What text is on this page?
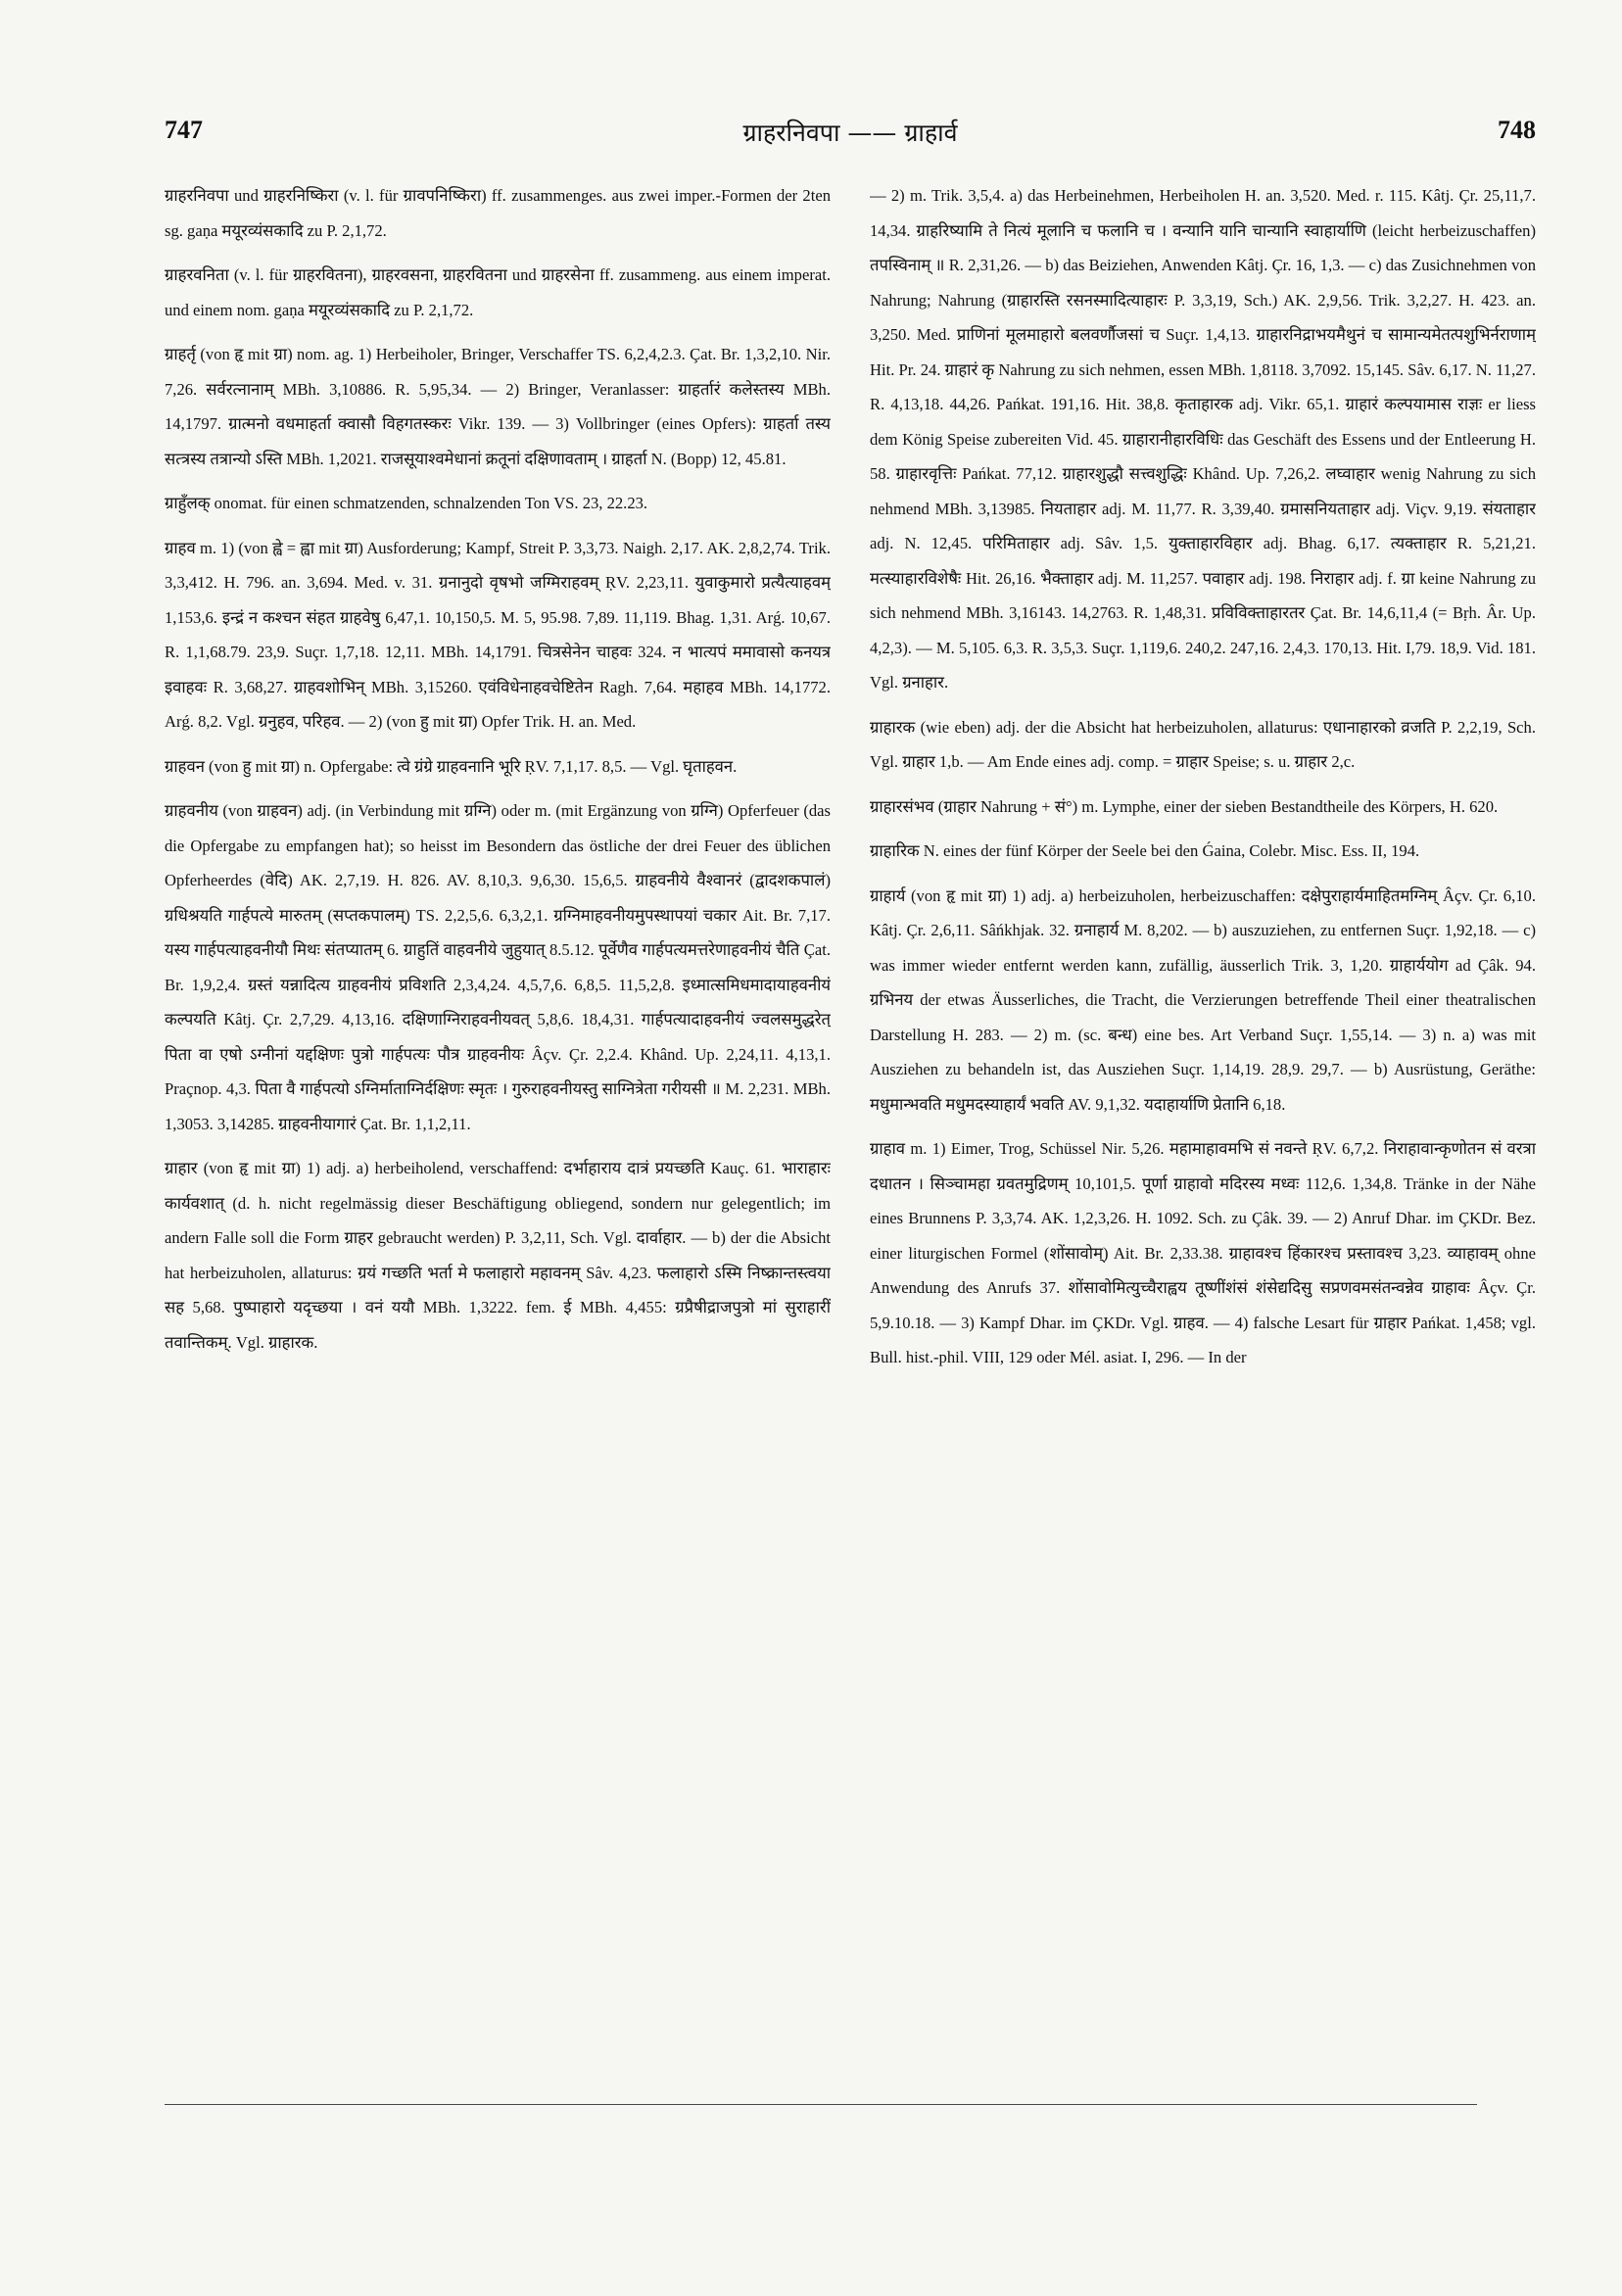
747	ग्राहरनिवपा —— ग्राहार्व	748

ग्राहरनिवपा und ग्राहरनिष्किरा (v. l. für ग्रावपनिष्किरा) ff. zusammenges. aus zwei imper.-Formen der 2ten sg. gaṇa मयूरव्यंसकादि zu P. 2,1,72.

ग्राहरवनिता (v. l. für ग्राहरवितना), ग्राहरवसना, ग्राहरवितना und ग्राहरसेना ff. zusammeng. aus einem imperat. und einem nom. gaṇa मयूरव्यंसकादि zu P. 2,1,72.

ग्राहर्तृ (von हृ mit ग्रा) nom. ag. 1) Herbeiholer, Bringer, Verschaffer TS. 6,2,4,2.3. Çat. Br. 1,3,2,10. Nir. 7,26. सर्वरत्नानाम् MBh. 3,10886. R. 5,95,34. — 2) Bringer, Veranlasser: ग्राहर्तारं कलेस्तस्य MBh. 14,1797. ग्रात्मनो वधमाहर्ता क्वासौ विहगतस्करः Vikr. 139. — 3) Vollbringer (eines Opfers): ग्राहर्ता तस्य सत्त्रस्य तत्रान्यो ऽस्ति MBh. 1,2021. राजसूयाश्वमेधानां क्रतूनां दक्षिणावताम् । ग्राहर्ता N. (Bopp) 12, 45.81.

ग्राहुँलक् onomat. für einen schmatzenden, schnalzenden Ton VS. 23, 22.23.

ग्राहव m. 1) (von ह्वे = ह्वा mit ग्रा) Ausforderung; Kampf, Streit P. 3,3,73. Naigh. 2,17. AK. 2,8,2,74. Trik. 3,3,412. H. 796. an. 3,694. Med. v. 31. ग्रनानुदो वृषभो जग्मिराहवम् ṚV. 2,23,11. युवाकुमारो प्रत्यैत्याहवम् 1,153,6. इन्द्रं न कश्चन संहत ग्राहवेषु 6,47,1. 10,150,5. M. 5, 95.98. 7,89. 11,119. Bhag. 1,31. Arǵ. 10,67. R. 1,1,68.79. 23,9. Suçr. 1,7,18. 12,11. MBh. 14,1791. चित्रसेनेन चाहवः 324. न भात्यपं ममावासो कनयत्र इवाहवः R. 3,68,27. ग्राहवशोभिन् MBh. 3,15260. एवंविधेनाहवचेष्टितेन Ragh. 7,64. महाहव MBh. 14,1772. Arǵ. 8,2. Vgl. ग्रनुहव, परिहव. — 2) (von हु mit ग्रा) Opfer Trik. H. an. Med.

ग्राहवन (von हु mit ग्रा) n. Opfergabe: त्वे ग्रंग्रे ग्राहवनानि भूरि ṚV. 7,1,17. 8,5. — Vgl. घृताहवन.

ग्राहवनीय (von ग्राहवन) adj. (in Verbindung mit ग्रग्नि) oder m. (mit Ergänzung von ग्रग्नि) Opferfeuer (das die Opfergabe zu empfangen hat); so heisst im Besondern das östliche der drei Feuer des üblichen Opferheerdes (वेदि) AK. 2,7,19. H. 826. AV. 8,10,3. 9,6,30. 15,6,5. ग्राहवनीये वैश्वानरं (द्वादशकपालं) ग्रधिश्रयति गार्हपत्ये मारुतम् (सप्तकपालम्) TS. 2,2,5,6. 6,3,2,1. ग्रग्निमाहवनीयमुपस्थापयां चकार Ait. Br. 7,17. यस्य गार्हपत्याहवनीयौ मिथः संतप्यातम् 6. ग्राहुतिं वाहवनीये जुहुयात् 8.5.12. पूर्वेणैव गार्हपत्यमत्तरेणाहवनीयं चैति Çat. Br. 1,9,2,4. ग्रस्तं यन्नादित्य ग्राहवनीयं प्रविशति 2,3,4,24. 4,5,7,6. 6,8,5. 11,5,2,8. इध्मात्समिधमादायाहवनीयं कल्पयति Kâtj. Çr. 2,7,29. 4,13,16. दक्षिणाग्निराहवनीयवत् 5,8,6. 18,4,31. गार्हपत्यादाहवनीयं ज्वलसमुद्धरेत् पिता वा एषो ऽग्नीनां यद्दक्षिणः पुत्रो गार्हपत्यः पौत्र ग्राहवनीयः Âçv. Çr. 2,2.4. Khând. Up. 2,24,11. 4,13,1. Praçnop. 4,3. पिता वै गार्हपत्यो ऽग्निर्माताग्निर्दक्षिणः स्मृतः । गुरुराहवनीयस्तु साग्नित्रेता गरीयसी ॥ M. 2,231. MBh. 1,3053. 3,14285. ग्राहवनीयागारं Çat. Br. 1,1,2,11.

ग्राहार (von हृ mit ग्रा) 1) adj. a) herbeiholend, verschaffend: दर्भाहाराय दात्रं प्रयच्छति Kauç. 61. भाराहारः कार्यवशात् (d. h. nicht regelmässig dieser Beschäftigung obliegend, sondern nur gelegentlich; im andern Falle soll die Form ग्राहर gebraucht werden) P. 3,2,11, Sch. Vgl. दार्वाहार. — b) der die Absicht hat herbeizuholen, allaturus: ग्रयं गच्छति भर्ता मे फलाहारो महावनम् Sâv. 4,23. फलाहारो ऽस्मि निष्क्रान्तस्त्वया सह 5,68. पुष्पाहारो यदृच्छया । वनं ययौ MBh. 1,3222. fem. ई MBh. 4,455: ग्रप्रैषीद्राजपुत्रो मां सुराहारीं तवान्तिकम्. Vgl. ग्राहारक.

— 2) m. Trik. 3,5,4. a) das Herbeinehmen, Herbeiholen H. an. 3,520. Med. r. 115. Kâtj. Çr. 25,11,7. 14,34. ग्राहरिष्यामि ते नित्यं मूलानि च फलानि च । वन्यानि यानि चान्यानि स्वाहार्याणि (leicht herbeizuschaffen) तपस्विनाम् ॥ R. 2,31,26. — b) das Beiziehen, Anwenden Kâtj. Çr. 16, 1,3. — c) das Zusichnehmen von Nahrung; Nahrung (ग्राहारस्ति रसनस्मादित्याहारः P. 3,3,19, Sch.) AK. 2,9,56. Trik. 3,2,27. H. 423. an. 3,250. Med. प्राणिनां मूलमाहारो बलवर्णौजसां च Suçr. 1,4,13. ग्राहारनिद्राभयमैथुनं च सामान्यमेतत्पशुभिर्नराणाम् Hit. Pr. 24. ग्राहारं कृ Nahrung zu sich nehmen, essen MBh. 1,8118. 3,7092. 15,145. Sâv. 6,17. N. 11,27. R. 4,13,18. 44,26. Pańkat. 191,16. Hit. 38,8. कृताहारक adj. Vikr. 65,1. ग्राहारं कल्पयामास राज्ञः er liess dem König Speise zubereiten Vid. 45. ग्राहारानीहारविधिः das Geschäft des Essens und der Entleerung H. 58. ग्राहारवृत्तिः Pańkat. 77,12. ग्राहारशुद्धौ सत्त्वशुद्धिः Khând. Up. 7,26,2. लघ्वाहार wenig Nahrung zu sich nehmend MBh. 3,13985. नियताहार adj. M. 11,77. R. 3,39,40. ग्रमासनियताहार adj. Viçv. 9,19. संयताहार adj. N. 12,45. परिमिताहार adj. Sâv. 1,5. युक्ताहारविहार adj. Bhag. 6,17. त्यक्ताहार R. 5,21,21. मत्स्याहारविशेषैः Hit. 26,16. भैक्ताहार adj. M. 11,257. पवाहार adj. 198. निराहार adj. f. ग्रा keine Nahrung zu sich nehmend MBh. 3,16143. 14,2763. R. 1,48,31. प्रविविक्ताहारतर Çat. Br. 14,6,11,4 (= Bṛh. Âr. Up. 4,2,3). — M. 5,105. 6,3. R. 3,5,3. Suçr. 1,119,6. 240,2. 247,16. 2,4,3. 170,13. Hit. I,79. 18,9. Vid. 181. Vgl. ग्रनाहार.

ग्राहारक (wie eben) adj. der die Absicht hat herbeizuholen, allaturus: एधानाहारको व्रजति P. 2,2,19, Sch. Vgl. ग्राहार 1,b. — Am Ende eines adj. comp. = ग्राहार Speise; s. u. ग्राहार 2,c.

ग्राहारसंभव (ग्राहार Nahrung + सं°) m. Lymphe, einer der sieben Bestandtheile des Körpers, H. 620.

ग्राहारिक N. eines der fünf Körper der Seele bei den Ǵaina, Colebr. Misc. Ess. II, 194.

ग्राहार्य (von हृ mit ग्रा) 1) adj. a) herbeizuholen, herbeizuschaffen: दक्षेपुराहार्यमाहितमग्निम् Âçv. Çr. 6,10. Kâtj. Çr. 2,6,11. Sâńkhjak. 32. ग्रनाहार्य M. 8,202. — b) auszuziehen, zu entfernen Suçr. 1,92,18. — c) was immer wieder entfernt werden kann, zufällig, äusserlich Trik. 3, 1,20. ग्राहार्ययोग ad Çâk. 94. ग्रभिनय der etwas Äusserliches, die Tracht, die Verzierungen betreffende Theil einer theatralischen Darstellung H. 283. — 2) m. (sc. बन्ध) eine bes. Art Verband Suçr. 1,55,14. — 3) n. a) was mit Ausziehen zu behandeln ist, das Ausziehen Suçr. 1,14,19. 28,9. 29,7. — b) Ausrüstung, Geräthe: मधुमान्भवति मधुमदस्याहार्यं भवति AV. 9,1,32. यदाहार्याणि प्रेतानि 6,18.

ग्राहाव m. 1) Eimer, Trog, Schüssel Nir. 5,26. महामाहावमभि सं नवन्ते ṚV. 6,7,2. निराहावान्कृणोतन सं वरत्रा दधातन । सिञ्चामहा ग्रवतमुद्रिणम् 10,101,5. पूर्णा ग्राहावो मदिरस्य मध्वः 112,6. 1,34,8. Tränke in der Nähe eines Brunnens P. 3,3,74. AK. 1,2,3,26. H. 1092. Sch. zu Çâk. 39. — 2) Anruf Dhar. im ÇKDr. Bez. einer liturgischen Formel (शोंसावोम्) Ait. Br. 2,33.38. ग्राहावश्च हिंकारश्च प्रस्तावश्च 3,23. व्याहावम् ohne Anwendung des Anrufs 37. शोंसावोमित्युच्चैराह्वय तूष्णींशंसं शंसेद्यदिसु सप्रणवमसंतन्वन्नेव ग्राहावः Âçv. Çr. 5,9.10.18. — 3) Kampf Dhar. im ÇKDr. Vgl. ग्राहव. — 4) falsche Lesart für ग्राहार Pańkat. 1,458; vgl. Bull. hist.-phil. VIII, 129 oder Mél. asiat. I, 296. — In der
